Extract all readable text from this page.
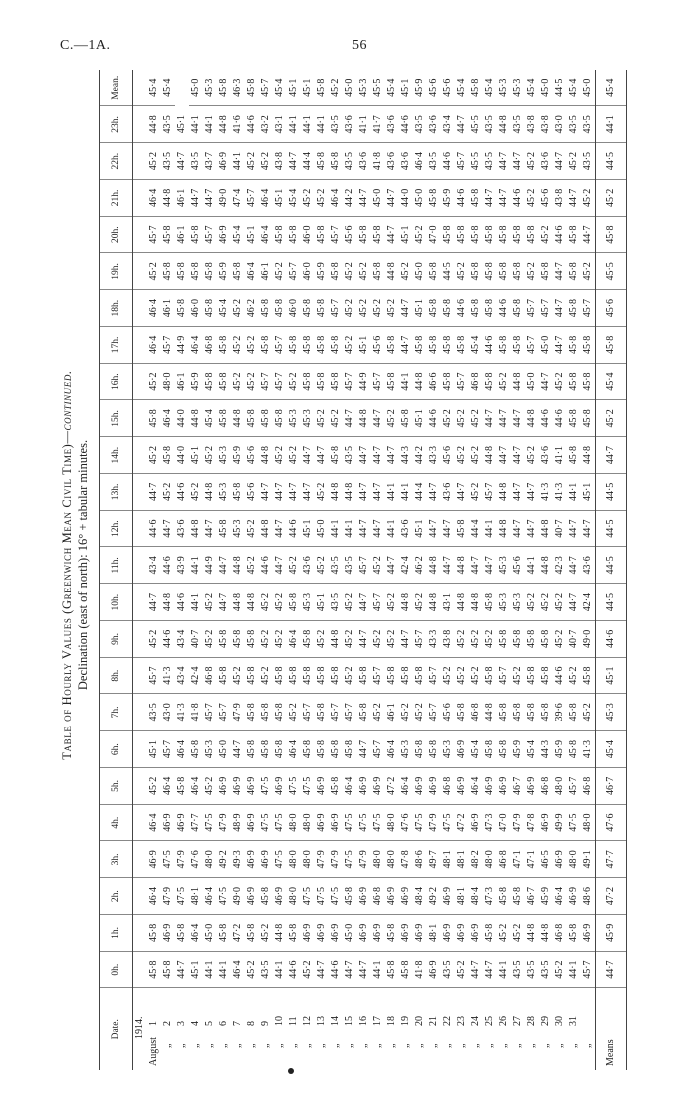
C.—1A.	56
Table of Hourly Values (Greenwich Mean Civil Time)—continued.
Declination (east of north): 16° + tabular minutes.
Date.	0h.	1h.	2h.	3h.	4h.	5h.	6h.	7h.	8h.	9h.	10h.	11h.	12h.	13h.	14h.	15h.	16h.	17h.	18h.	19h.	20h.	21h.	22h.	23h.	Mean.
1914.																									
August1	45·8	45·8	46·4	46·9	46·4	45·2	45·1	43·5	45·7	45·2	44·7	43·4	44·6	44·7	45·2	45·8	45·2	46·4	46·4	45·2	45·7	46·4	45·2	44·8	45·4
„2	45·8	46·9	47·9	47·5	46·9	46·4	45·7	43·0	41·3	44·6	44·8	44·6	44·7	45·2	45·8	46·4	48·0	45·7	46·1	45·8	45·8	44·8	43·5	43·5	45·4
„3	44·7	45·8	47·5	47·9	46·9	45·8	46·4	41·3	43·4	43·4	44·6	43·9	43·6	44·6	44·0	44·0	46·1	44·9	45·8	45·8	46·1	46·1	44·7	45·1	
„4	45·1	46·4	48·1	47·6	47·7	46·4	45·8	41·8	42·4	40·7	44·1	44·1	44·8	45·2	45·1	44·8	45·9	46·4	46·0	45·8	45·8	44·7	43·5	44·1	45·0
„5	44·1	45·0	46·4	48·0	47·5	45·2	45·3	45·7	46·8	45·2	45·2	44·9	44·7	44·8	45·2	45·4	45·8	46·8	45·8	45·8	45·7	44·7	43·7	44·1	45·3
„6	44·1	45·8	47·5	49·2	47·9	46·9	45·0	45·7	45·8	45·8	44·7	44·7	45·8	45·3	45·3	45·8	45·8	45·8	45·4	45·9	46·9	49·0	46·9	44·8	45·8
„7	46·4	47·2	49·0	49·3	48·9	46·9	44·7	47·9	45·2	45·8	44·8	44·8	45·3	45·8	45·9	44·8	45·2	45·2	45·2	45·8	45·4	47·4	44·1	41·6	46·3
„8	45·2	45·8	46·9	46·9	46·9	46·9	45·8	45·8	45·8	45·8	44·8	45·2	45·2	45·6	45·6	45·8	45·2	45·2	46·2	46·4	45·1	45·7	45·2	44·6	45·8
„9	43·5	45·2	45·8	46·9	47·5	47·5	45·8	45·8	45·2	45·2	45·2	44·6	44·8	44·7	44·8	45·8	45·7	45·8	45·8	46·1	46·4	46·4	45·2	43·2	45·7
„10	44·1	44·8	46·9	47·5	47·5	46·9	45·8	45·8	45·8	45·2	45·2	44·7	44·7	44·7	45·2	45·8	45·7	45·7	45·8	45·2	45·8	45·1	43·8	43·1	45·4
„11	44·6	45·8	48·0	48·0	48·0	47·5	46·4	45·2	45·8	46·4	45·8	45·2	44·6	44·7	45·2	45·3	45·2	45·8	46·0	45·7	45·8	45·4	44·7	44·1	45·1
„12	45·2	46·9	47·5	48·0	48·0	47·5	45·8	45·7	45·8	45·8	45·3	43·6	45·1	44·7	44·7	45·3	45·8	45·8	45·8	46·0	46·0	45·2	44·4	44·1	45·1
„13	44·7	46·9	47·5	47·9	46·9	46·9	45·8	45·8	45·8	45·2	45·1	45·2	45·0	45·2	44·7	45·2	45·8	45·8	45·8	45·9	45·8	45·2	45·8	44·1	45·8
„14	44·6	46·9	47·5	47·9	46·9	45·8	45·8	45·7	45·8	44·8	43·5	43·5	44·1	44·8	45·8	45·2	45·8	45·8	45·7	45·8	45·7	46·4	45·8	43·5	45·2
„15	44·7	45·0	45·8	47·5	47·5	46·4	45·8	45·7	45·2	45·2	45·2	43·5	44·1	44·8	43·5	44·7	45·7	45·2	45·2	45·2	45·6	44·2	43·5	43·6	45·0
„16	44·7	46·9	46·9	47·9	47·5	46·9	44·7	45·8	45·8	44·7	44·7	45·7	44·7	44·7	44·7	44·8	44·9	45·1	45·2	45·2	45·8	44·7	43·6	41·1	45·3
„17	44·1	46·9	46·8	48·0	47·5	46·9	45·7	45·2	45·7	45·2	45·7	45·2	44·7	44·7	44·7	44·7	45·7	45·6	45·2	45·8	45·8	45·0	41·8	41·7	45·5
„18	45·8	45·8	46·9	48·0	48·0	47·2	46·4	46·1	45·8	45·2	45·2	44·7	44·1	44·1	44·7	45·2	45·8	45·8	45·2	44·8	44·7	44·7	43·6	43·6	45·4
„19	45·8	46·9	46·9	47·8	47·6	46·4	45·3	45·2	45·8	44·7	44·8	42·4	43·6	44·1	44·3	45·8	44·1	44·7	44·7	45·2	45·1	44·0	43·6	44·6	45·1
„20	41·8	46·9	48·4	48·6	47·5	46·9	45·8	45·2	45·8	45·7	45·2	46·2	45·1	44·4	44·2	45·1	44·8	45·8	45·1	45·0	45·2	45·0	46·4	43·5	45·9
„21	46·9	48·1	49·2	49·7	47·9	46·9	45·8	45·7	45·7	43·3	44·8	44·8	44·7	44·7	43·3	44·6	46·6	45·8	45·8	45·8	47·0	45·8	43·5	43·6	45·6
„22	43·5	46·9	46·9	48·1	47·5	46·8	45·3	45·6	45·2	43·8	43·1	44·7	44·7	43·6	45·6	45·2	45·8	45·8	45·8	44·5	45·8	45·9	44·6	43·4	45·6
„23	45·2	46·9	48·1	48·1	47·2	46·9	46·9	45·8	45·2	45·2	44·8	44·8	45·8	44·7	45·2	45·2	45·7	45·8	44·6	45·2	45·8	44·6	45·7	44·7	45·4
„24	44·7	46·9	48·4	48·2	46·9	46·4	45·4	46·8	45·2	45·2	44·8	44·7	44·4	45·2	45·2	45·2	46·8	45·4	45·8	45·8	45·8	45·8	45·5	45·5	45·8
„25	44·7	45·8	47·3	48·0	47·3	46·9	45·8	44·8	45·8	45·2	45·8	44·7	44·1	45·7	44·8	44·7	45·8	44·6	45·8	45·8	45·8	44·7	43·5	43·5	45·4
„26	44·1	45·2	45·8	46·8	47·0	46·9	45·8	45·8	45·7	45·8	45·3	45·3	44·8	44·8	44·7	44·7	45·2	45·8	44·6	45·8	45·8	44·7	44·7	44·8	45·3
„27	43·5	45·2	45·8	47·1	47·9	46·7	45·9	45·8	45·2	45·8	45·3	45·6	44·7	44·7	44·7	44·7	44·8	45·8	45·8	45·8	45·8	44·6	44·7	43·5	45·3
„28	43·5	44·8	46·7	47·1	47·8	46·9	45·4	45·8	45·8	45·8	45·2	44·1	44·7	44·7	45·2	44·8	45·0	45·7	45·7	45·2	45·8	45·2	45·2	43·8	45·4
„29	43·5	44·8	45·9	46·5	46·9	46·8	44·3	45·8	45·8	45·8	45·2	44·8	44·8	41·3	43·6	44·6	44·7	45·0	45·7	45·8	45·2	45·6	43·6	43·8	45·0
„30	45·2	46·8	46·4	46·9	49·9	48·0	45·9	39·6	44·6	45·2	45·2	42·3	40·7	41·3	41·1	44·6	45·2	44·7	44·7	44·7	44·6	43·8	44·7	43·0	44·5
„31	44·1	45·8	46·9	48·0	47·5	45·7	45·8	45·8	45·2	40·7	44·7	44·7	44·7	44·1	45·8	45·8	45·8	45·8	45·8	45·8	45·8	44·7	45·2	43·5	45·4
„	45·7	46·9	48·6	49·1	48·0	46·8	41·3	45·2	45·8	49·0	42·4	43·6	44·7	45·1	44·8	45·8	45·8	45·8	45·7	45·2	44·7	45·2	43·5	43·5	45·0
Means	44·7	45·9	47·2	47·7	47·6	46·7	45·4	45·3	45·1	44·6	44·5	44·5	44·5	44·5	44·7	45·2	45·4	45·8	45·6	45·5	45·8	45·2	44·5	44·1	45·4
